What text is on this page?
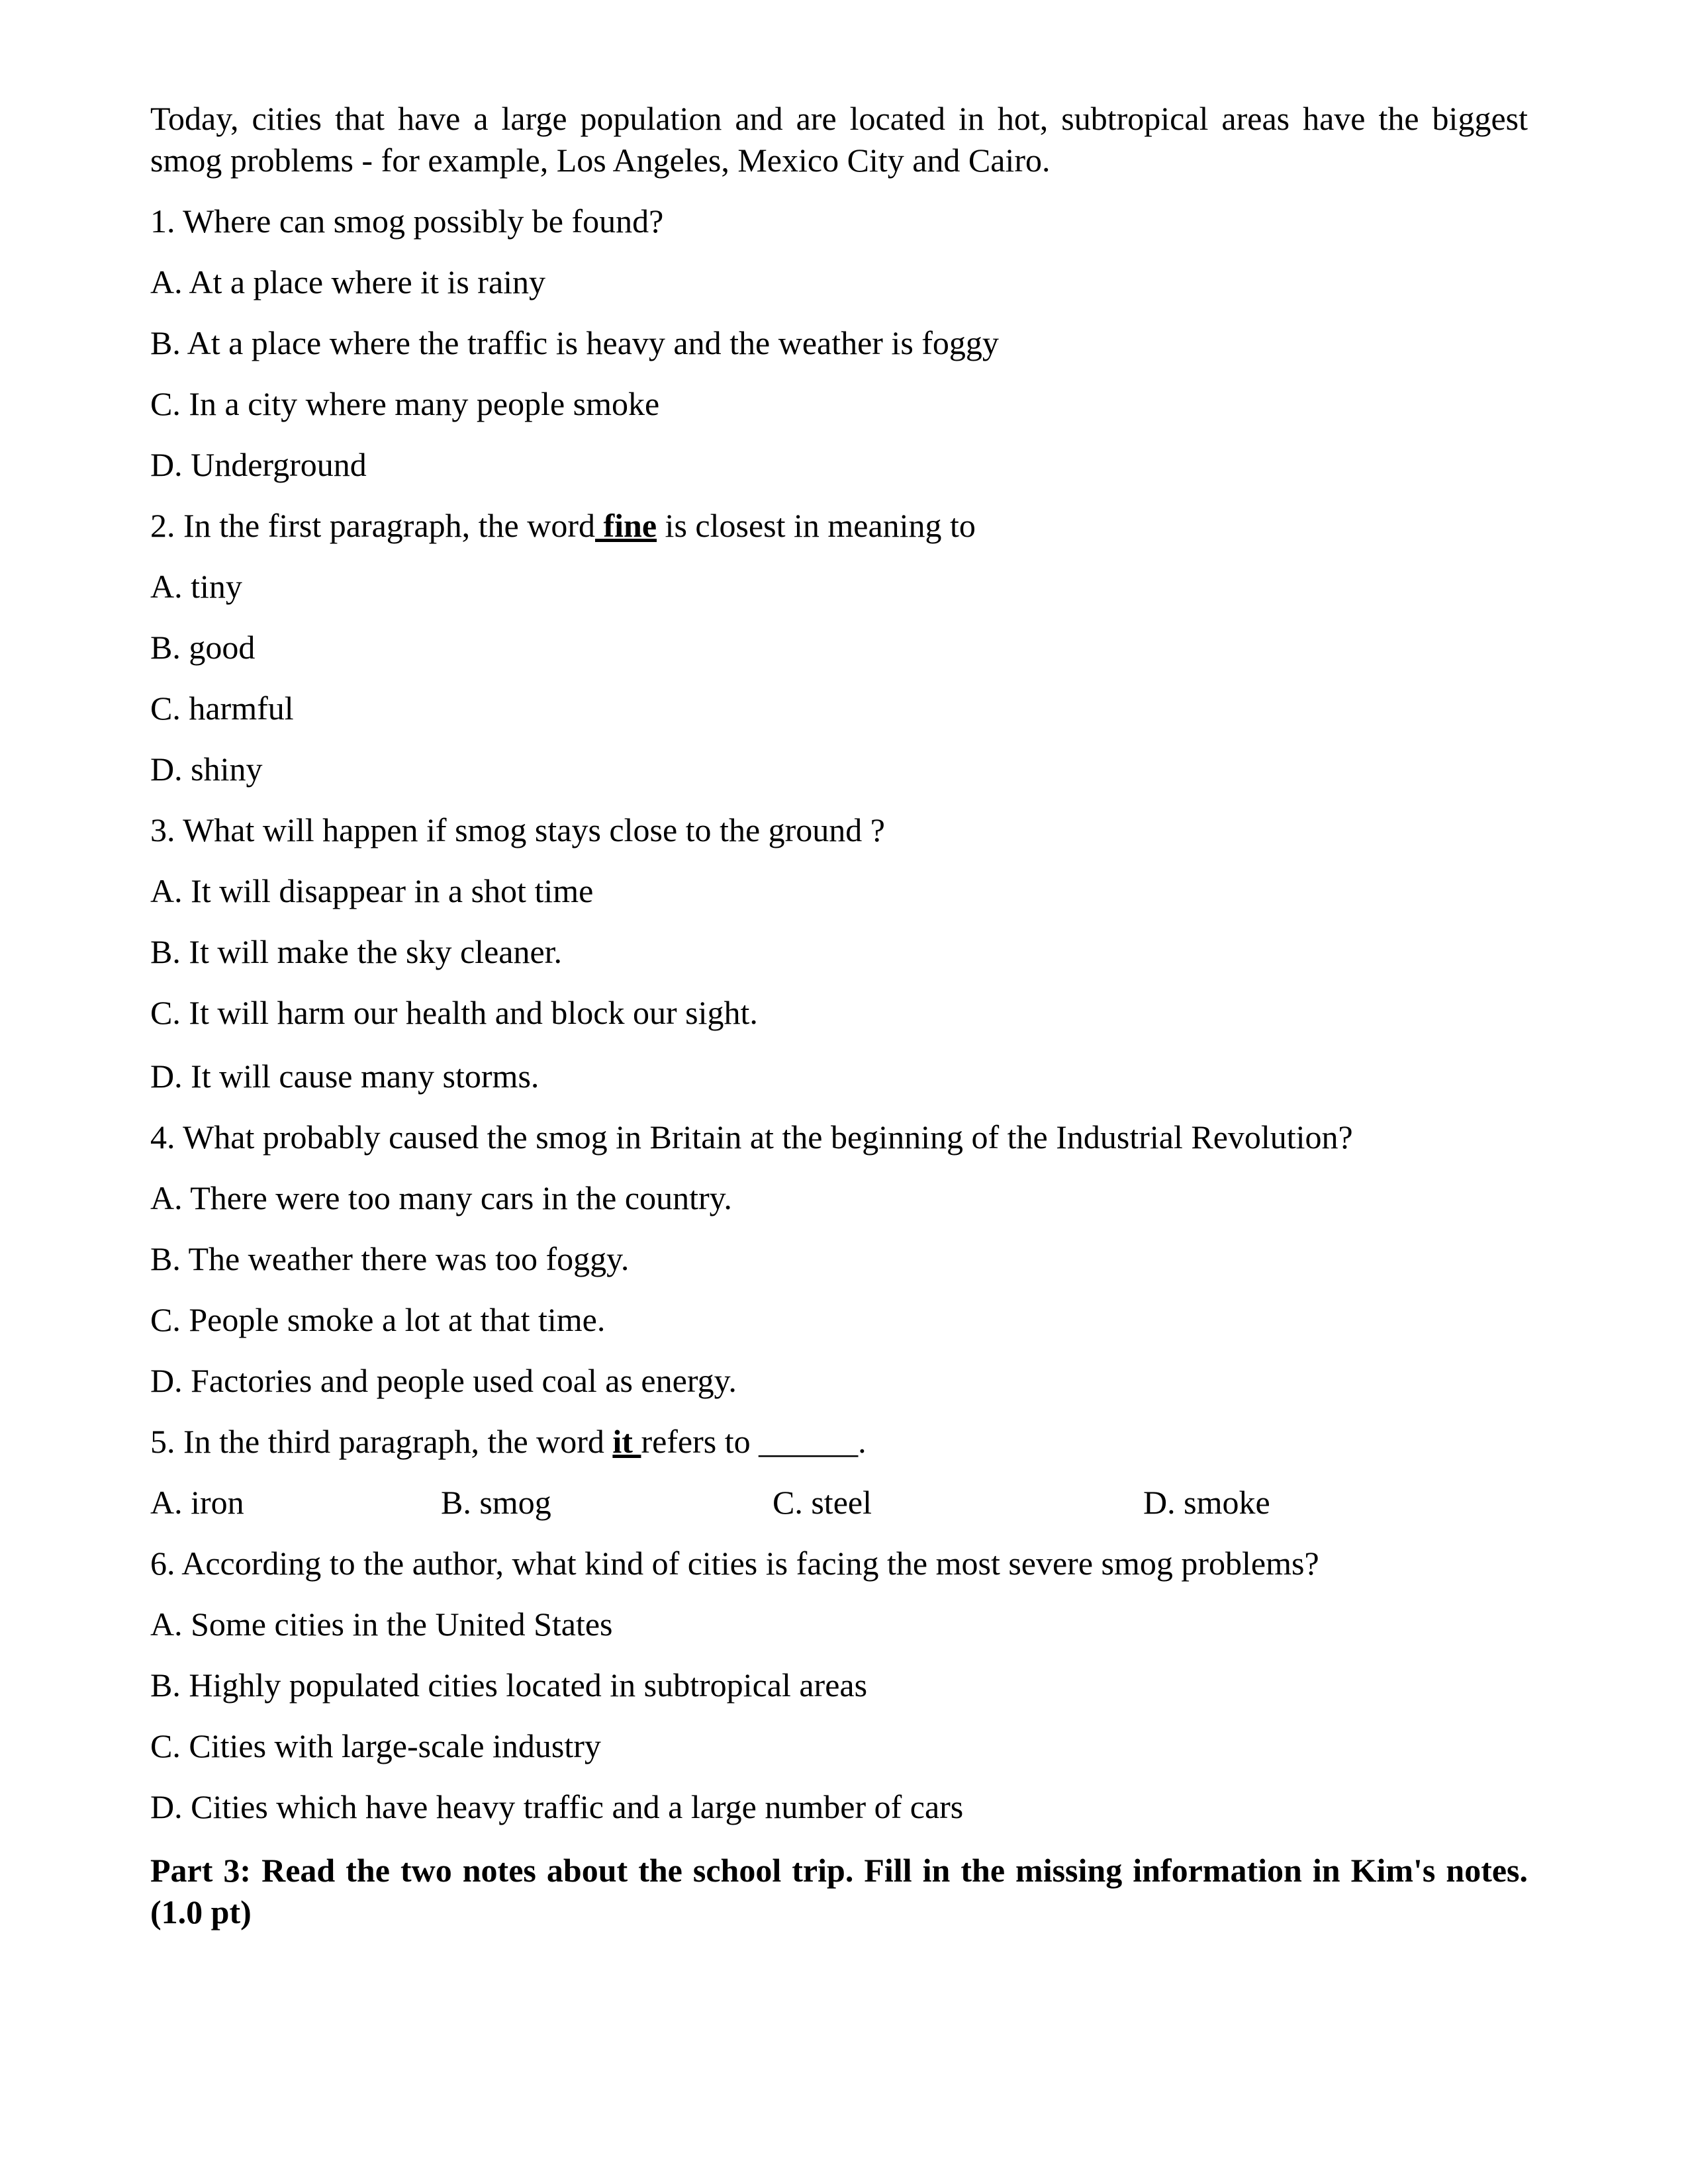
Today, cities that have a large population and are located in hot, subtropical areas have the biggest smog problems - for example, Los Angeles, Mexico City and Cairo.

1. Where can smog possibly be found?

A. At a place where it is rainy

B. At a place where the traffic is heavy and the weather is foggy

C. In a city where many people smoke

D. Underground

2. In the first paragraph, the word fine is closest in meaning to

A. tiny

B. good

C. harmful

D. shiny

3. What will happen if smog stays close to the ground ?

A. It will disappear in a shot time

B. It will make the sky cleaner.

C. It will harm our health and block our sight.

D. It will cause many storms.

4. What probably caused the smog in Britain at the beginning of the Industrial Revolution?

A. There were too many cars in the country.

B. The weather there was too foggy.

C. People smoke a lot at that time.

D. Factories and people used coal as energy.

5. In the third paragraph, the word it refers to ______.

A. iron	B. smog	C. steel	D. smoke

6. According to the author, what kind of cities is facing the most severe smog problems?

A. Some cities in the United States

B. Highly populated cities located in subtropical areas

C. Cities with large-scale industry

D. Cities which have heavy traffic and a large number of cars

Part 3: Read the two notes about the school trip. Fill in the missing information in Kim's notes. (1.0 pt)
